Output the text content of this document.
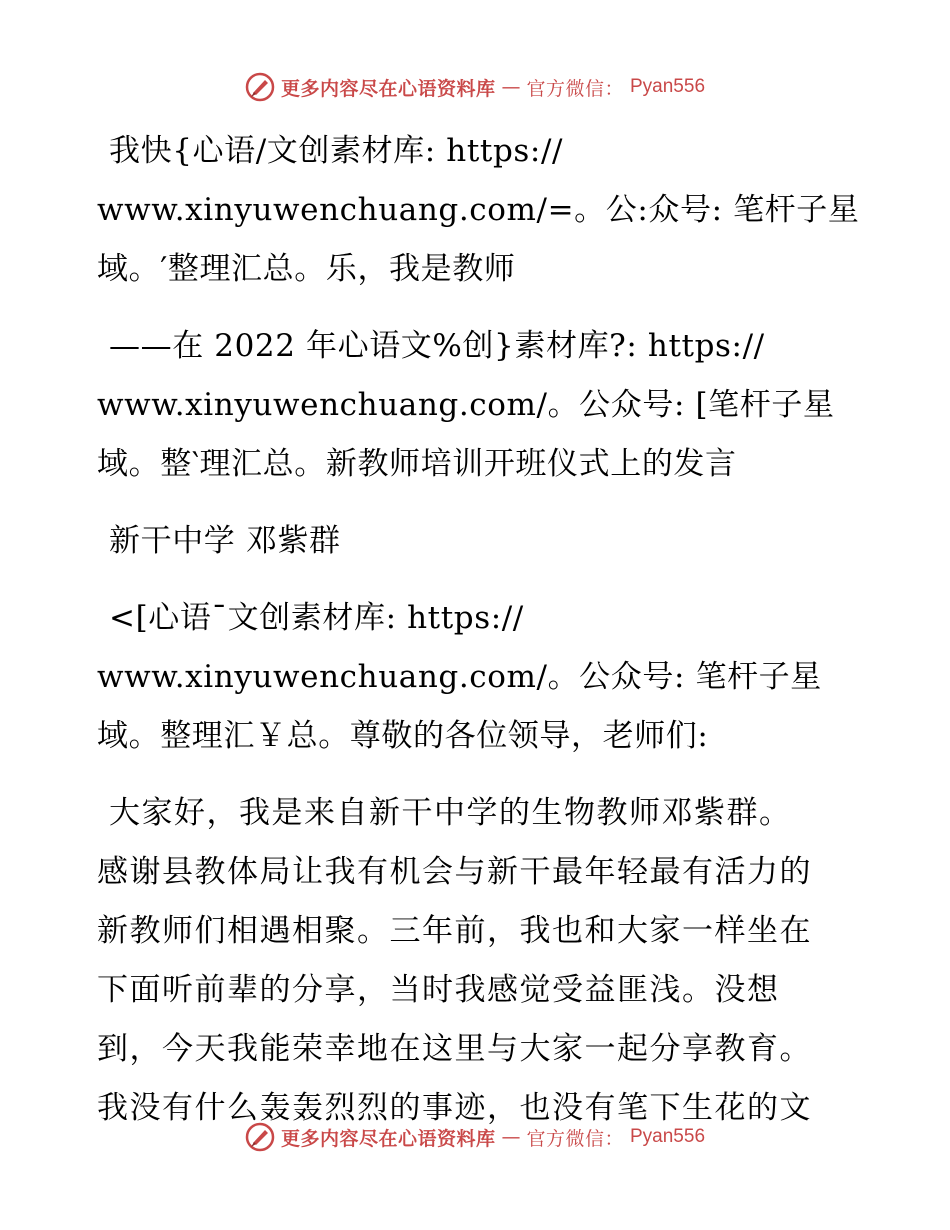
更多内容尽在心语资料库 — 官方微信： Pyan556
我快{心语/文创素材库: https://
www.xinyuwenchuang.com/=。公:众号: 笔杆子星
域。′整理汇总。乐，我是教师
——在 2022 年心语文%创}素材库?: https://
www.xinyuwenchuang.com/。公众号: [笔杆子星
域。整‵理汇总。新教师培训开班仪式上的发言
新干中学 邓紫群
<[心语¯文创素材库: https://
www.xinyuwenchuang.com/。公众号: 笔杆子星
域。整理汇￥总。尊敬的各位领导，老师们:
大家好，我是来自新干中学的生物教师邓紫群。
感谢县教体局让我有机会与新干最年轻最有活力的
新教师们相遇相聚。三年前，我也和大家一样坐在
下面听前辈的分享，当时我感觉受益匪浅。没想
到，今天我能荣幸地在这里与大家一起分享教育。
我没有什么轰轰烈烈的事迹，也没有笔下生花的文
更多内容尽在心语资料库 — 官方微信： Pyan556
